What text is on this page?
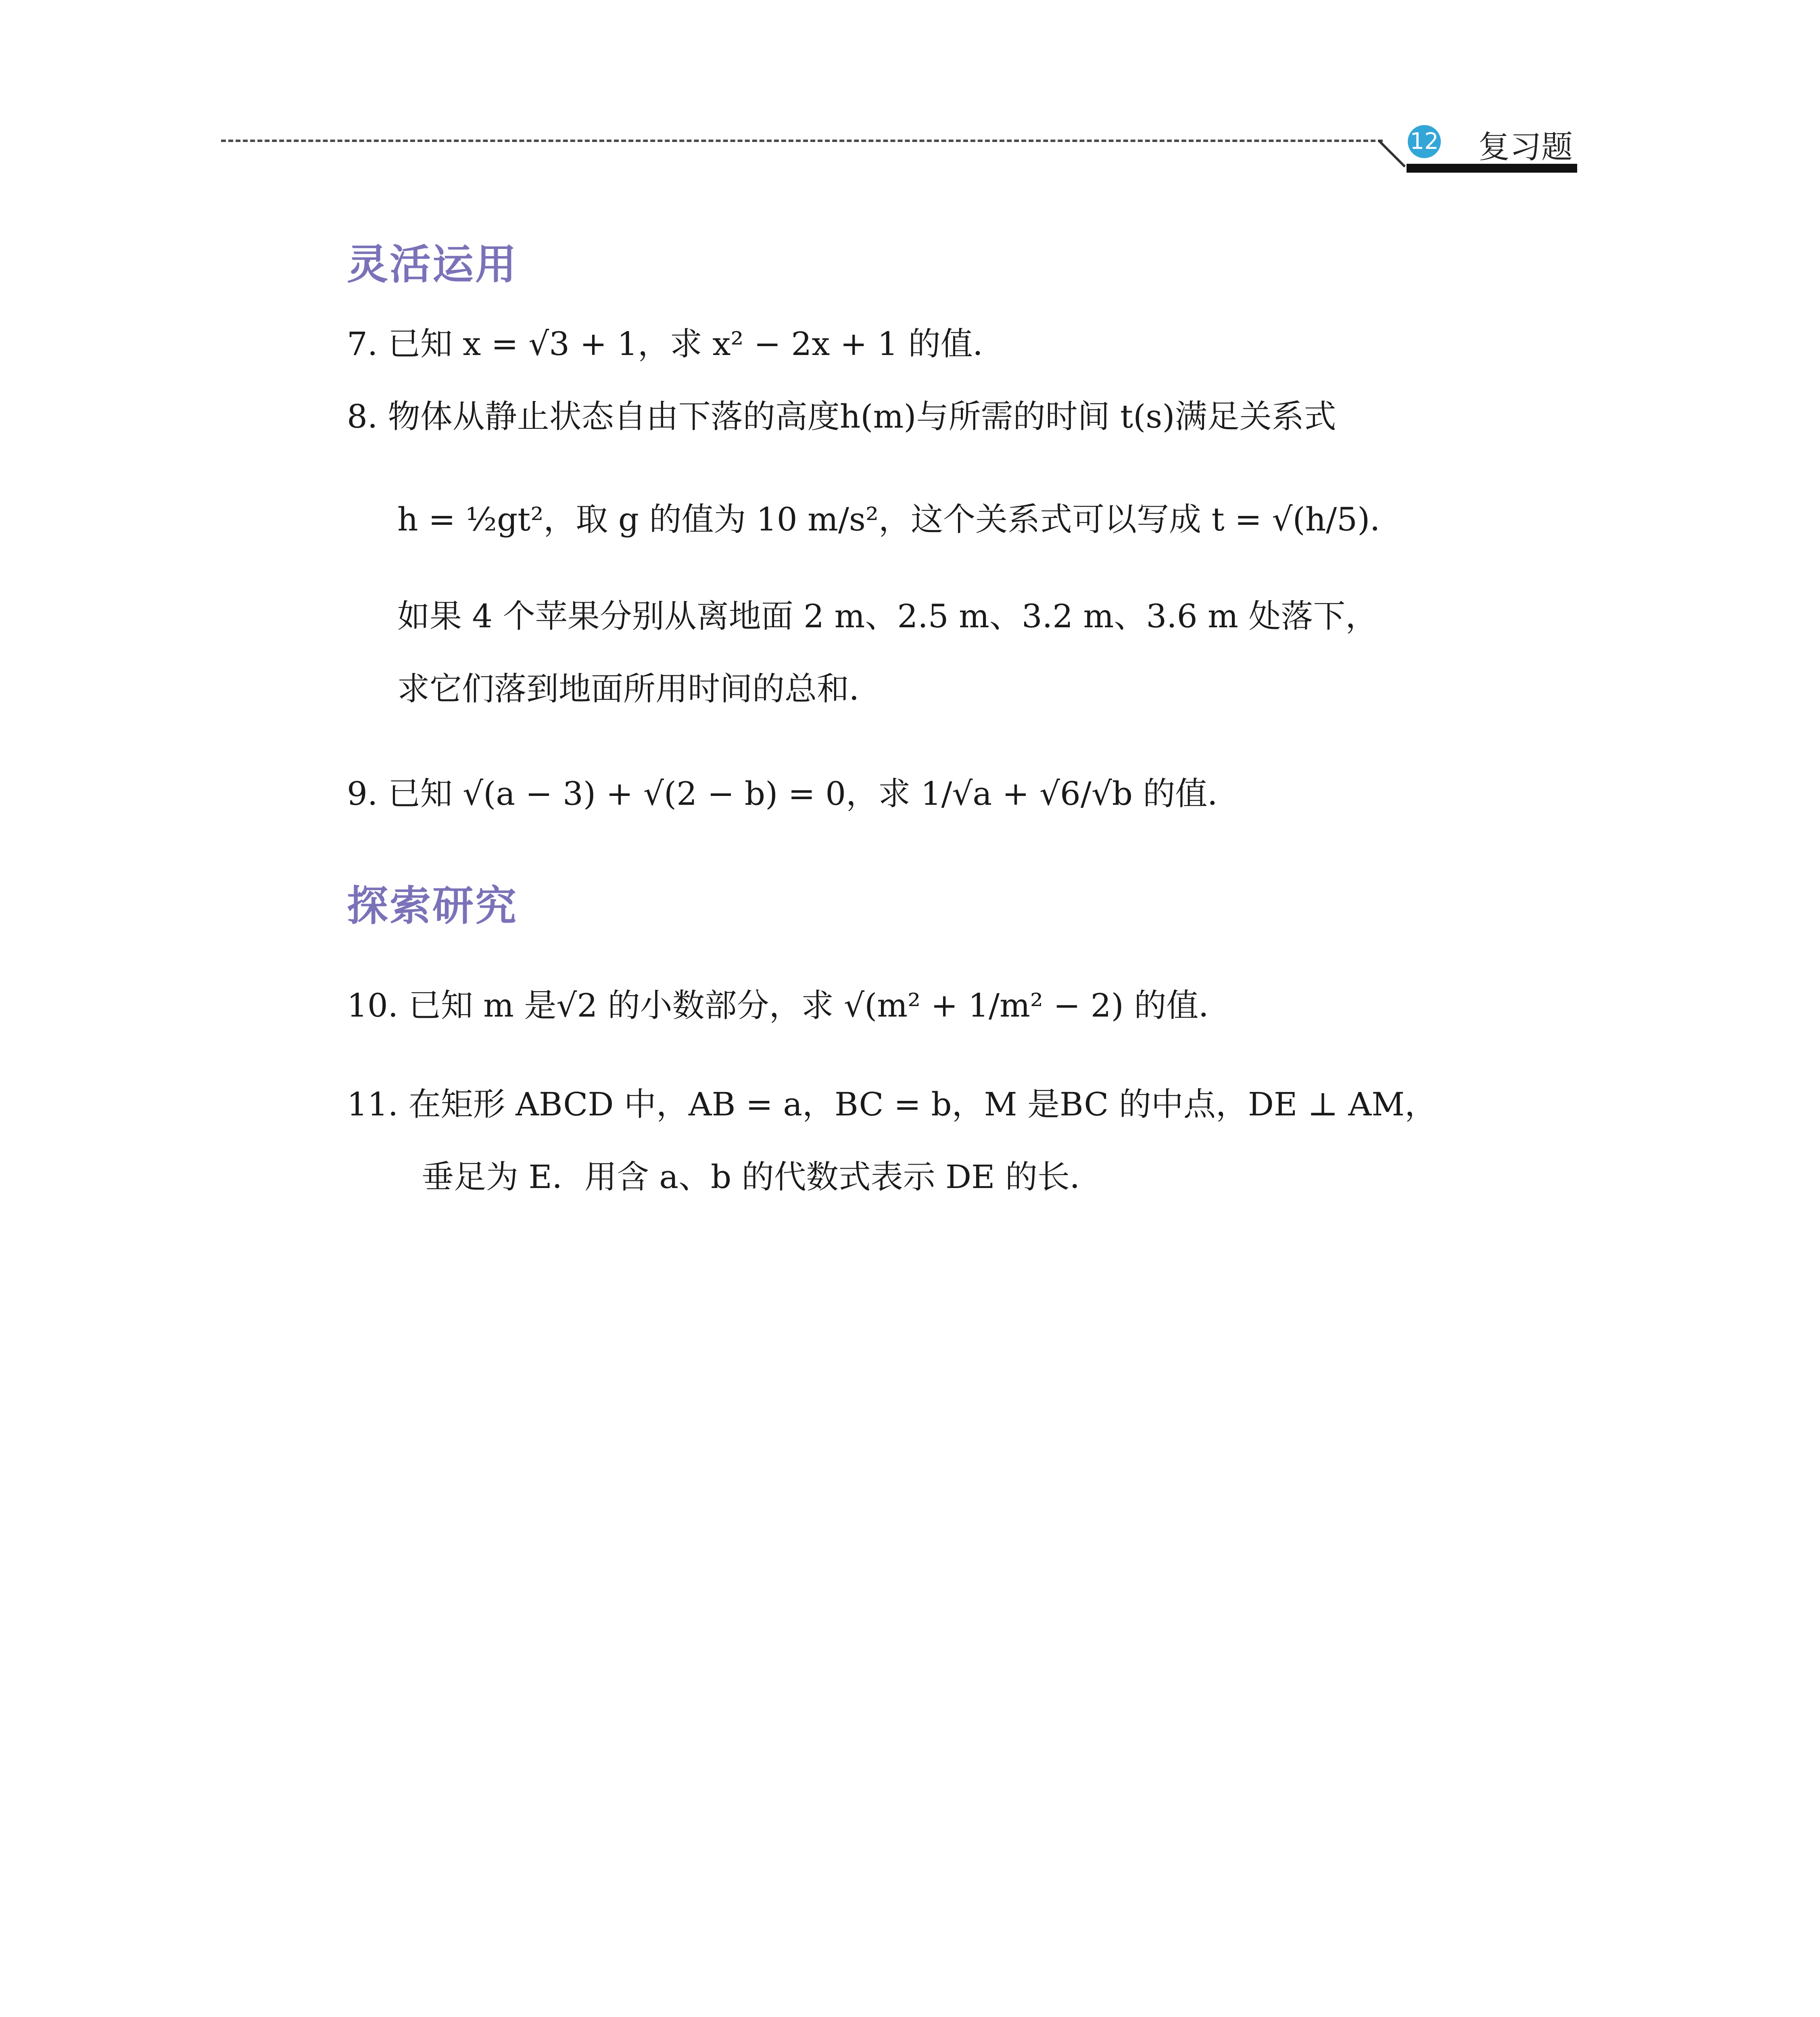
12 复习题
灵活运用
7. 已知 x = √3 + 1，求 x² − 2x + 1 的值．
8. 物体从静止状态自由下落的高度h(m)与所需的时间 t(s)满足关系式
h = ½gt²，取 g 的值为 10 m/s²，这个关系式可以写成 t = √(h/5)．
如果 4 个苹果分别从离地面 2 m、2.5 m、3.2 m、3.6 m 处落下，
求它们落到地面所用时间的总和．
9. 已知 √(a − 3) + √(2 − b) = 0，求 1/√a + √6/√b 的值．
探索研究
10. 已知 m 是√2 的小数部分，求 √(m² + 1/m² − 2) 的值．
11. 在矩形 ABCD 中，AB = a，BC = b，M 是BC 的中点，DE ⊥ AM，
垂足为 E．用含 a、b 的代数式表示 DE 的长．
